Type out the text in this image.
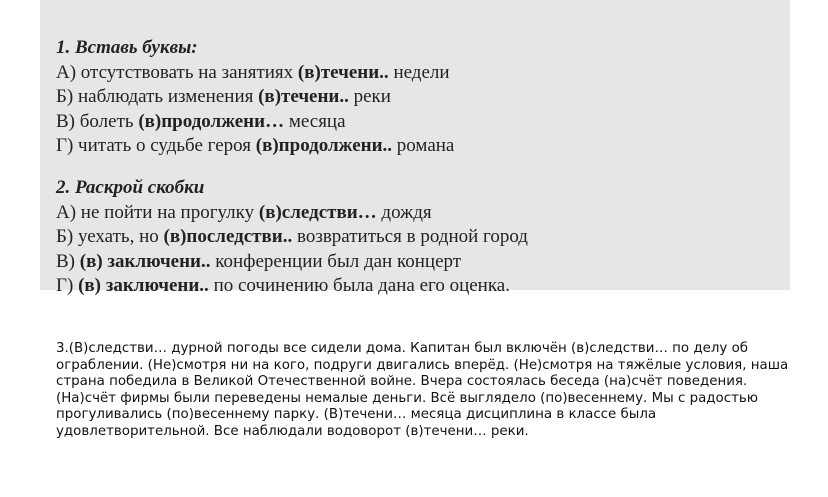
1. Вставь буквы:
А) отсутствовать на занятиях (в)течени.. недели
Б) наблюдать изменения (в)течени.. реки
В) болеть (в)продолжени… месяца
Г) читать о судьбе героя (в)продолжени.. романа
2. Раскрой скобки
А) не пойти на прогулку (в)следстви… дождя
Б) уехать, но (в)последстви.. возвратиться в родной город
В) (в) заключени.. конференции был дан концерт
Г) (в) заключени.. по сочинению была дана его оценка.
3.(В)следстви… дурной погоды все сидели дома. Капитан был включён (в)следстви… по делу об ограблении. (Не)смотря ни на кого, подруги двигались вперёд. (Не)смотря на тяжёлые условия, наша страна победила в Великой Отечественной войне. Вчера состоялась беседа (на)счёт поведения. (На)счёт фирмы были переведены немалые деньги. Всё выглядело (по)весеннему. Мы с радостью прогуливались (по)весеннему парку. (В)течени… месяца дисциплина в классе была удовлетворительной. Все наблюдали водоворот (в)течени… реки.
